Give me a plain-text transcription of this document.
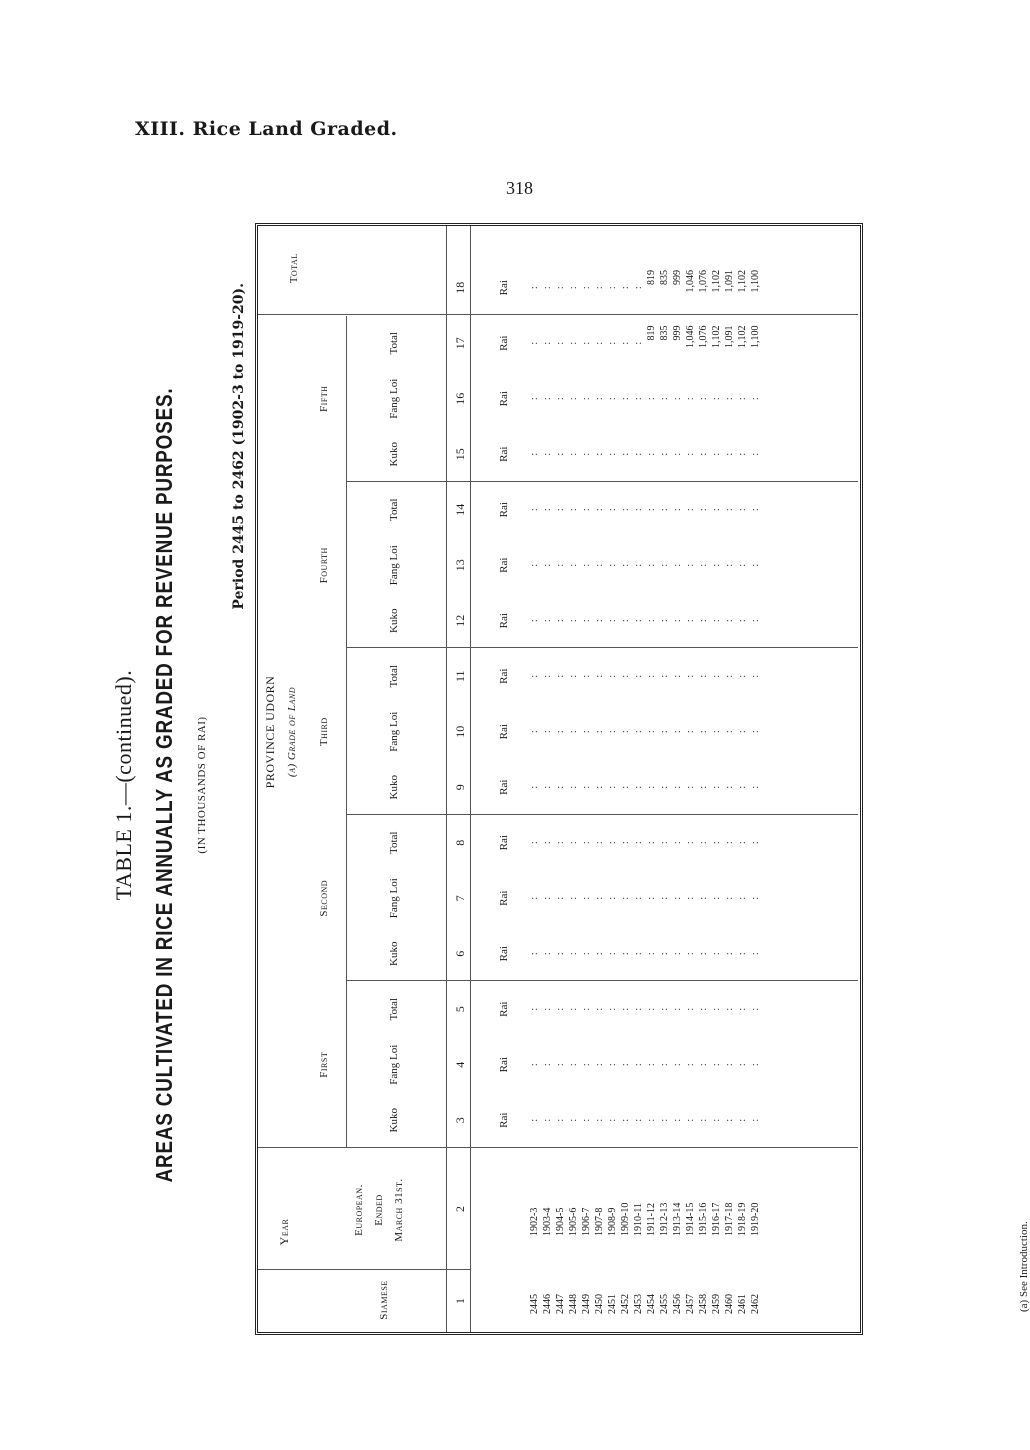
XIII. Rice Land Graded.
318
TABLE 1.—(continued). AREAS CULTIVATED IN RICE ANNUALLY AS GRADED FOR REVENUE PURPOSES. (IN THOUSANDS OF RAI)
Period 2445 to 2462 (1902-3 to 1919-20).
PROVINCE UDORN (a) Grade of Land
Year
Siamese
European. Ended March 31st.
First
Kuko
Fang Loi
Total
Second
Kuko
Fang Loi
Total
Third
Kuko
Fang Loi
Total
Fourth
Kuko
Fang Loi
Total
Fifth
Kuko
Fang Loi
Total
Total
1
2
3
4
5
6
7
8
9
10
11
12
13
14
15
16
17
18
Rai
Rai
Rai
Rai
Rai
Rai
Rai
Rai
Rai
Rai
Rai
Rai
Rai
Rai
Rai
Rai
2445 2446 2447 2448 2449 2450 2451 2452 2453 2454 2455 2456 2457 2458 2459 2460 2461 2462
1902-3 1903-4 1904-5 1905-6 1906-7 1907-8 1908-9 1909-10 1910-11 1911-12 1912-13 1913-14 1914-15 1915-16 1916-17 1917-18 1918-19 1919-20
: : : : : : : : : : : : : : : : : :
: : : : : : : : : : : : : : : : : :
: : : : : : : : : : : : : : : : : :
: : : : : : : : : : : : : : : : : :
: : : : : : : : : : : : : : : : : :
: : : : : : : : : : : : : : : : : :
: : : : : : : : : : : : : : : : : :
: : : : : : : : : : : : : : : : : :
: : : : : : : : : : : : : : : : : :
: : : : : : : : : : : : : : : : : :
: : : : : : : : : : : : : : : : : :
: : : : : : : : : : : : : : : : : :
: : : : : : : : : : : : : : : : : :
: : : : : : : : : : : : : : : : : :
: : : : : : : : :
: : : : : : : : :
819 835 999 1,046 1,076 1,102 1,091 1,102 1,100
819 835 999 1,046 1,076 1,102 1,091 1,102 1,100
(a) See Introduction.
